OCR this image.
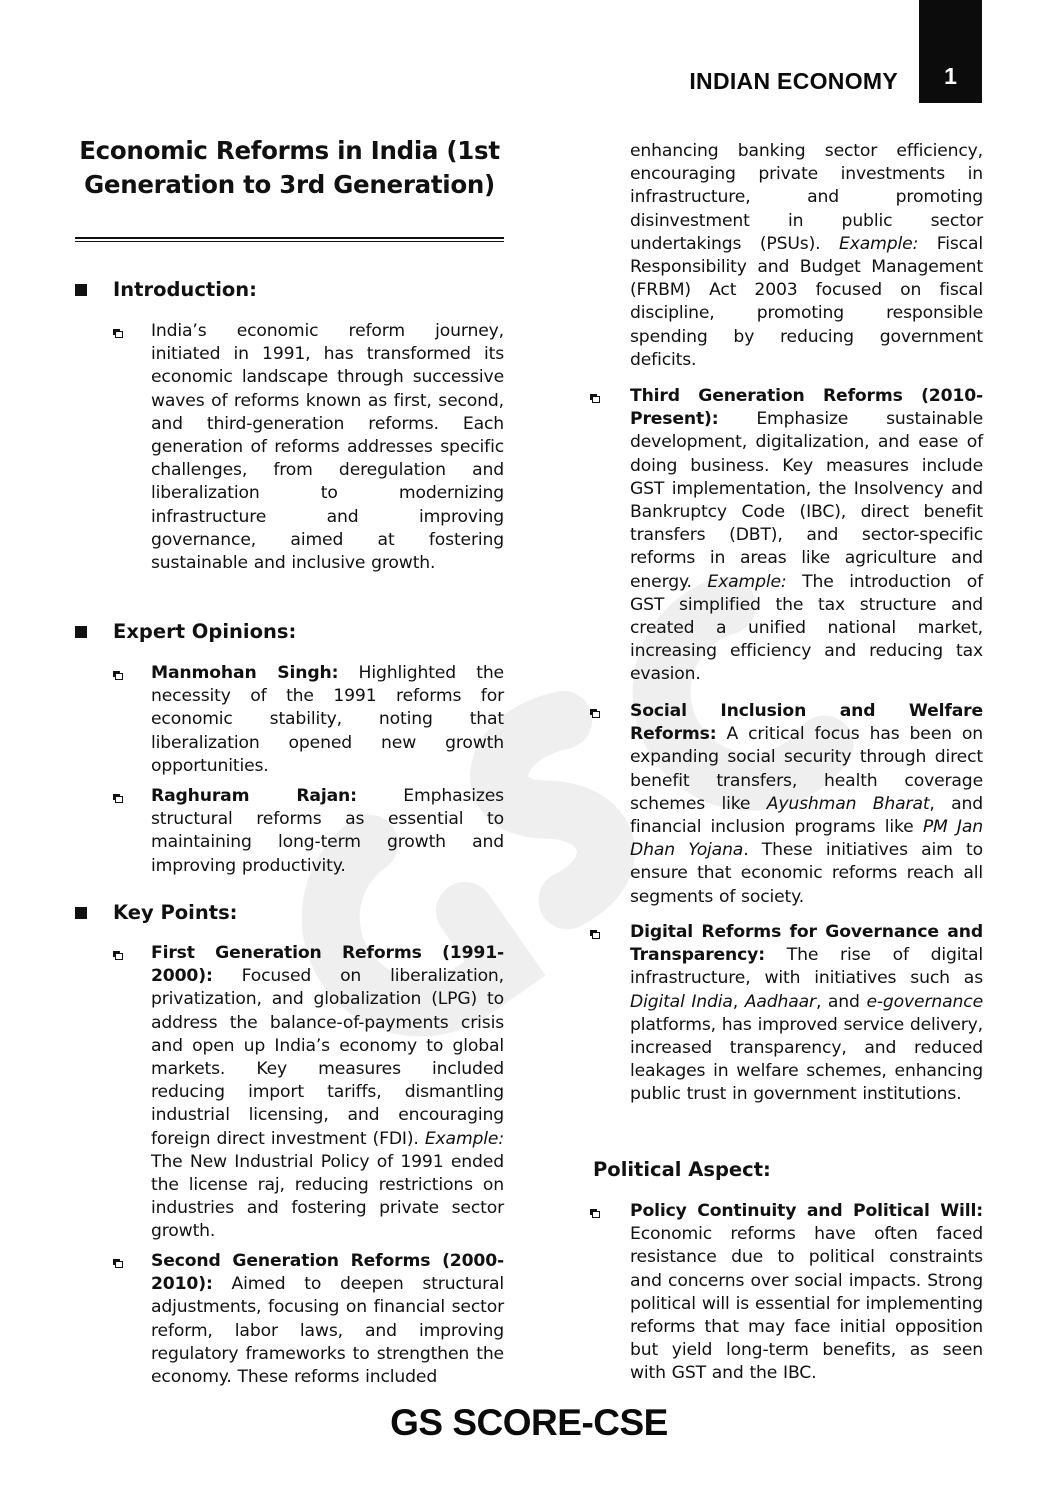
INDIAN ECONOMY	1
Economic Reforms in India (1st Generation to 3rd Generation)
Introduction:
India’s economic reform journey, initiated in 1991, has transformed its economic landscape through successive waves of reforms known as first, second, and third-generation reforms. Each generation of reforms addresses specific challenges, from deregulation and liberalization to modernizing infrastructure and improving governance, aimed at fostering sustainable and inclusive growth.
Expert Opinions:
Manmohan Singh: Highlighted the necessity of the 1991 reforms for economic stability, noting that liberalization opened new growth opportunities.
Raghuram Rajan: Emphasizes structural reforms as essential to maintaining long-term growth and improving productivity.
Key Points:
First Generation Reforms (1991-2000): Focused on liberalization, privatization, and globalization (LPG) to address the balance-of-payments crisis and open up India’s economy to global markets. Key measures included reducing import tariffs, dismantling industrial licensing, and encouraging foreign direct investment (FDI). Example: The New Industrial Policy of 1991 ended the license raj, reducing restrictions on industries and fostering private sector growth.
Second Generation Reforms (2000-2010): Aimed to deepen structural adjustments, focusing on financial sector reform, labor laws, and improving regulatory frameworks to strengthen the economy. These reforms included
enhancing banking sector efficiency, encouraging private investments in infrastructure, and promoting disinvestment in public sector undertakings (PSUs). Example: Fiscal Responsibility and Budget Management (FRBM) Act 2003 focused on fiscal discipline, promoting responsible spending by reducing government deficits.
Third Generation Reforms (2010-Present): Emphasize sustainable development, digitalization, and ease of doing business. Key measures include GST implementation, the Insolvency and Bankruptcy Code (IBC), direct benefit transfers (DBT), and sector-specific reforms in areas like agriculture and energy. Example: The introduction of GST simplified the tax structure and created a unified national market, increasing efficiency and reducing tax evasion.
Social Inclusion and Welfare Reforms: A critical focus has been on expanding social security through direct benefit transfers, health coverage schemes like Ayushman Bharat, and financial inclusion programs like PM Jan Dhan Yojana. These initiatives aim to ensure that economic reforms reach all segments of society.
Digital Reforms for Governance and Transparency: The rise of digital infrastructure, with initiatives such as Digital India, Aadhaar, and e-governance platforms, has improved service delivery, increased transparency, and reduced leakages in welfare schemes, enhancing public trust in government institutions.
Political Aspect:
Policy Continuity and Political Will: Economic reforms have often faced resistance due to political constraints and concerns over social impacts. Strong political will is essential for implementing reforms that may face initial opposition but yield long-term benefits, as seen with GST and the IBC.
GS SCORE-CSE
